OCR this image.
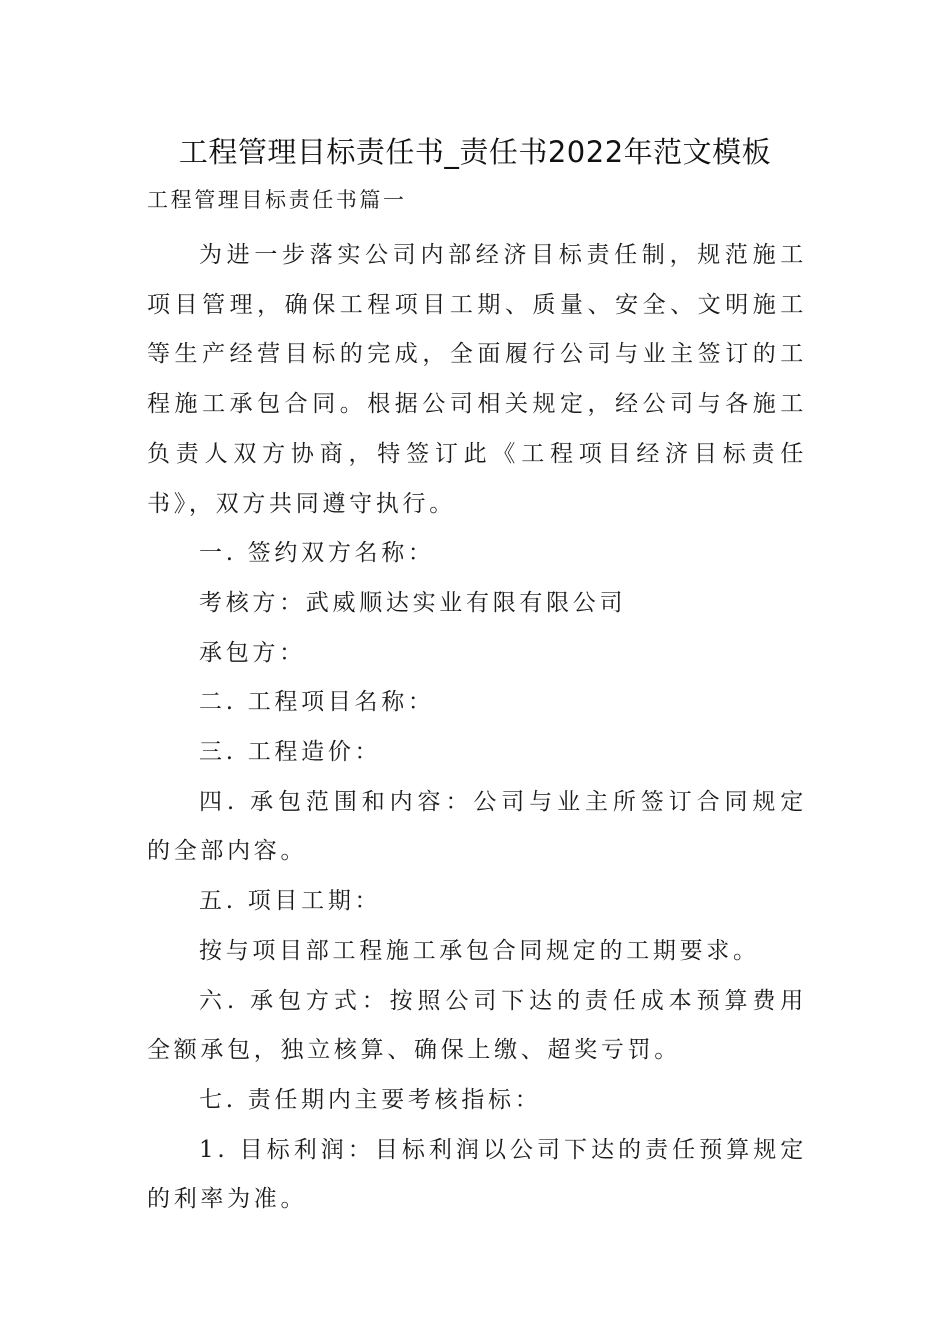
工程管理目标责任书_责任书2022年范文模板
工程管理目标责任书篇一

为进一步落实公司内部经济目标责任制，规范施工项目管理，确保工程项目工期、质量、安全、文明施工等生产经营目标的完成，全面履行公司与业主签订的工程施工承包合同。根据公司相关规定，经公司与各施工负责人双方协商，特签订此《工程项目经济目标责任书》，双方共同遵守执行。

一. 签约双方名称：

考核方：武威顺达实业有限有限公司

承包方：

二. 工程项目名称：

三. 工程造价：

四. 承包范围和内容：公司与业主所签订合同规定的全部内容。

五. 项目工期：

按与项目部工程施工承包合同规定的工期要求。

六. 承包方式：按照公司下达的责任成本预算费用全额承包，独立核算、确保上缴、超奖亏罚。

七. 责任期内主要考核指标：

1. 目标利润：目标利润以公司下达的责任预算规定的利率为准。
